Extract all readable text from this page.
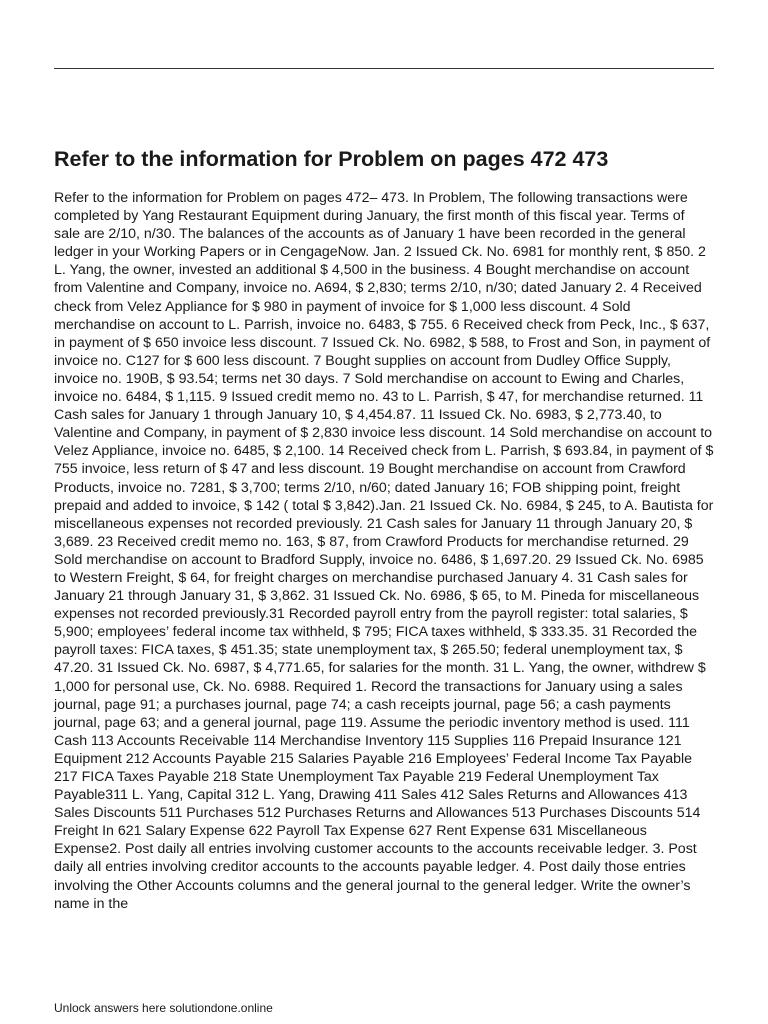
Refer to the information for Problem on pages 472 473

Refer to the information for Problem on pages 472– 473. In Problem, The following transactions were completed by Yang Restaurant Equipment during January, the first month of this fiscal year. Terms of sale are 2/10, n/30. The balances of the accounts as of January 1 have been recorded in the general ledger in your Working Papers or in CengageNow. Jan. 2 Issued Ck. No. 6981 for monthly rent, $ 850. 2 L. Yang, the owner, invested an additional $ 4,500 in the business. 4 Bought merchandise on account from Valentine and Company, invoice no. A694, $ 2,830; terms 2/10, n/30; dated January 2. 4 Received check from Velez Appliance for $ 980 in payment of invoice for $ 1,000 less discount. 4 Sold merchandise on account to L. Parrish, invoice no. 6483, $ 755. 6 Received check from Peck, Inc., $ 637, in payment of $ 650 invoice less discount. 7 Issued Ck. No. 6982, $ 588, to Frost and Son, in payment of invoice no. C127 for $ 600 less discount. 7 Bought supplies on account from Dudley Office Supply, invoice no. 190B, $ 93.54; terms net 30 days. 7 Sold merchandise on account to Ewing and Charles, invoice no. 6484, $ 1,115. 9 Issued credit memo no. 43 to L. Parrish, $ 47, for merchandise returned. 11 Cash sales for January 1 through January 10, $ 4,454.87. 11 Issued Ck. No. 6983, $ 2,773.40, to Valentine and Company, in payment of $ 2,830 invoice less discount. 14 Sold merchandise on account to Velez Appliance, invoice no. 6485, $ 2,100. 14 Received check from L. Parrish, $ 693.84, in payment of $ 755 invoice, less return of $ 47 and less discount. 19 Bought merchandise on account from Crawford Products, invoice no. 7281, $ 3,700; terms 2/10, n/60; dated January 16; FOB shipping point, freight prepaid and added to invoice, $ 142 ( total $ 3,842).Jan. 21 Issued Ck. No. 6984, $ 245, to A. Bautista for miscellaneous expenses not recorded previously. 21 Cash sales for January 11 through January 20, $ 3,689. 23 Received credit memo no. 163, $ 87, from Crawford Products for merchandise returned. 29 Sold merchandise on account to Bradford Supply, invoice no. 6486, $ 1,697.20. 29 Issued Ck. No. 6985 to Western Freight, $ 64, for freight charges on merchandise purchased January 4. 31 Cash sales for January 21 through January 31, $ 3,862. 31 Issued Ck. No. 6986, $ 65, to M. Pineda for miscellaneous expenses not recorded previously.31 Recorded payroll entry from the payroll register: total salaries, $ 5,900; employees’ federal income tax withheld, $ 795; FICA taxes withheld, $ 333.35. 31 Recorded the payroll taxes: FICA taxes, $ 451.35; state unemployment tax, $ 265.50; federal unemployment tax, $ 47.20. 31 Issued Ck. No. 6987, $ 4,771.65, for salaries for the month. 31 L. Yang, the owner, withdrew $ 1,000 for personal use, Ck. No. 6988. Required 1. Record the transactions for January using a sales journal, page 91; a purchases journal, page 74; a cash receipts journal, page 56; a cash payments journal, page 63; and a general journal, page 119. Assume the periodic inventory method is used. 111 Cash 113 Accounts Receivable 114 Merchandise Inventory 115 Supplies 116 Prepaid Insurance 121 Equipment 212 Accounts Payable 215 Salaries Payable 216 Employees’ Federal Income Tax Payable 217 FICA Taxes Payable 218 State Unemployment Tax Payable 219 Federal Unemployment Tax Payable311 L. Yang, Capital 312 L. Yang, Drawing 411 Sales 412 Sales Returns and Allowances 413 Sales Discounts 511 Purchases 512 Purchases Returns and Allowances 513 Purchases Discounts 514 Freight In 621 Salary Expense 622 Payroll Tax Expense 627 Rent Expense 631 Miscellaneous Expense2. Post daily all entries involving customer accounts to the accounts receivable ledger. 3. Post daily all entries involving creditor accounts to the accounts payable ledger. 4. Post daily those entries involving the Other Accounts columns and the general journal to the general ledger. Write the owner’s name in the

Unlock answers here solutiondone.online
